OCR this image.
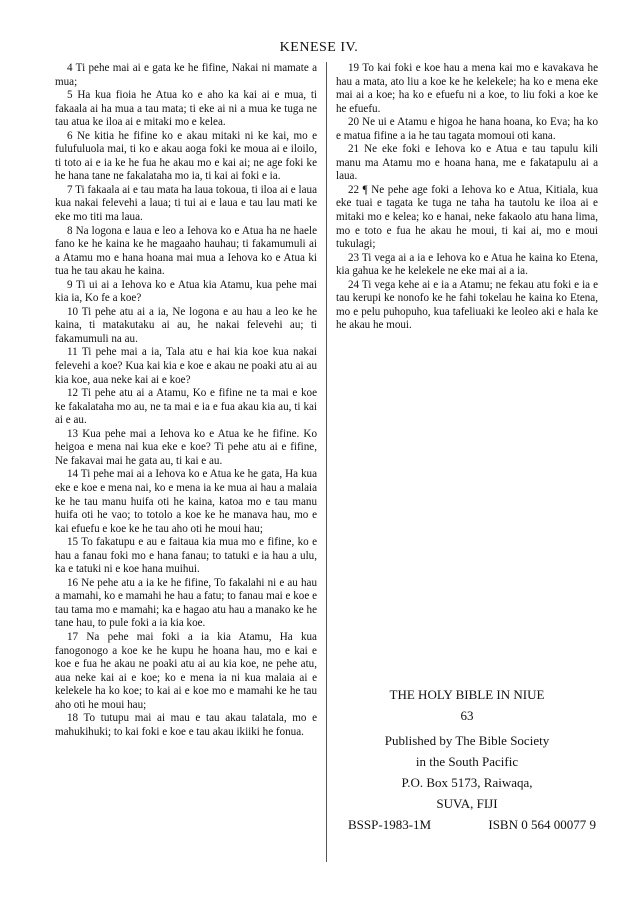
KENESE IV.

4 Ti pehe mai ai e gata ke he fifine, Nakai ni mamate a mua;

5 Ha kua fioia he Atua ko e aho ka kai ai e mua, ti fakaala ai ha mua a tau mata; ti eke ai ni a mua ke tuga ne tau atua ke iloa ai e mitaki mo e kelea.

6 Ne kitia he fifine ko e akau mitaki ni ke kai, mo e fulufuluola mai, ti ko e akau aoga foki ke moua ai e iloilo, ti toto ai e ia ke he fua he akau mo e kai ai; ne age foki ke he hana tane ne fakalataha mo ia, ti kai ai foki e ia.

7 Ti fakaala ai e tau mata ha laua tokoua, ti iloa ai e laua kua nakai felevehi a laua; ti tui ai e laua e tau lau mati ke eke mo titi ma laua.

8 Na logona e laua e leo a Iehova ko e Atua ha ne haele fano ke he kaina ke he magaaho hauhau; ti fakamumuli ai a Atamu mo e hana hoana mai mua a Iehova ko e Atua ki tua he tau akau he kaina.

9 Ti ui ai a Iehova ko e Atua kia Atamu, kua pehe mai kia ia, Ko fe a koe?

10 Ti pehe atu ai a ia, Ne logona e au hau a leo ke he kaina, ti matakutaku ai au, he nakai felevehi au; ti fakamumuli na au.

11 Ti pehe mai a ia, Tala atu e hai kia koe kua nakai felevehi a koe? Kua kai kia e koe e akau ne poaki atu ai au kia koe, aua neke kai ai e koe?

12 Ti pehe atu ai a Atamu, Ko e fifine ne ta mai e koe ke fakalataha mo au, ne ta mai e ia e fua akau kia au, ti kai ai e au.

13 Kua pehe mai a Iehova ko e Atua ke he fifine. Ko heigoa e mena nai kua eke e koe? Ti pehe atu ai e fifine, Ne fakavai mai he gata au, ti kai e au.

14 Ti pehe mai ai a Iehova ko e Atua ke he gata, Ha kua eke e koe e mena nai, ko e mena ia ke mua ai hau a malaia ke he tau manu huifa oti he kaina, katoa mo e tau manu huifa oti he vao; to totolo a koe ke he manava hau, mo e kai efuefu e koe ke he tau aho oti he moui hau;

15 To fakatupu e au e faitaua kia mua mo e fifine, ko e hau a fanau foki mo e hana fanau; to tatuki e ia hau a ulu, ka e tatuki ni e koe hana muihui.

16 Ne pehe atu a ia ke he fifine, To fakalahi ni e au hau a mamahi, ko e mamahi he hau a fatu; to fanau mai e koe e tau tama mo e mamahi; ka e hagao atu hau a manako ke he tane hau, to pule foki a ia kia koe.

17 Na pehe mai foki a ia kia Atamu, Ha kua fanogonogo a koe ke he kupu he hoana hau, mo e kai e koe e fua he akau ne poaki atu ai au kia koe, ne pehe atu, aua neke kai ai e koe; ko e mena ia ni kua malaia ai e kelekele ha ko koe; to kai ai e koe mo e mamahi ke he tau aho oti he moui hau;

18 To tutupu mai ai mau e tau akau talatala, mo e mahukihuki; to kai foki e koe e tau akau ikiiki he fonua.

19 To kai foki e koe hau a mena kai mo e kavakava he hau a mata, ato liu a koe ke he kelekele; ha ko e mena eke mai ai a koe; ha ko e efuefu ni a koe, to liu foki a koe ke he efuefu.

20 Ne ui e Atamu e higoa he hana hoana, ko Eva; ha ko e matua fifine a ia he tau tagata momoui oti kana.

21 Ne eke foki e Iehova ko e Atua e tau tapulu kili manu ma Atamu mo e hoana hana, me e fakatapulu ai a laua.

22 ¶ Ne pehe age foki a Iehova ko e Atua, Kitiala, kua eke tuai e tagata ke tuga ne taha ha tautolu ke iloa ai e mitaki mo e kelea; ko e hanai, neke fakaolo atu hana lima, mo e toto e fua he akau he moui, ti kai ai, mo e moui tukulagi;

23 Ti vega ai a ia e Iehova ko e Atua he kaina ko Etena, kia gahua ke he kelekele ne eke mai ai a ia.

24 Ti vega kehe ai e ia a Atamu; ne fekau atu foki e ia e tau kerupi ke nonofo ke he fahi tokelau he kaina ko Etena, mo e pelu puhopuho, kua tafeliuaki ke leoleo aki e hala ke he akau he moui.

THE HOLY BIBLE IN NIUE
63
Published by The Bible Society
in the South Pacific
P.O. Box 5173, Raiwaqa,
SUVA, FIJI
BSSP-1983-1M	ISBN 0 564 00077 9
